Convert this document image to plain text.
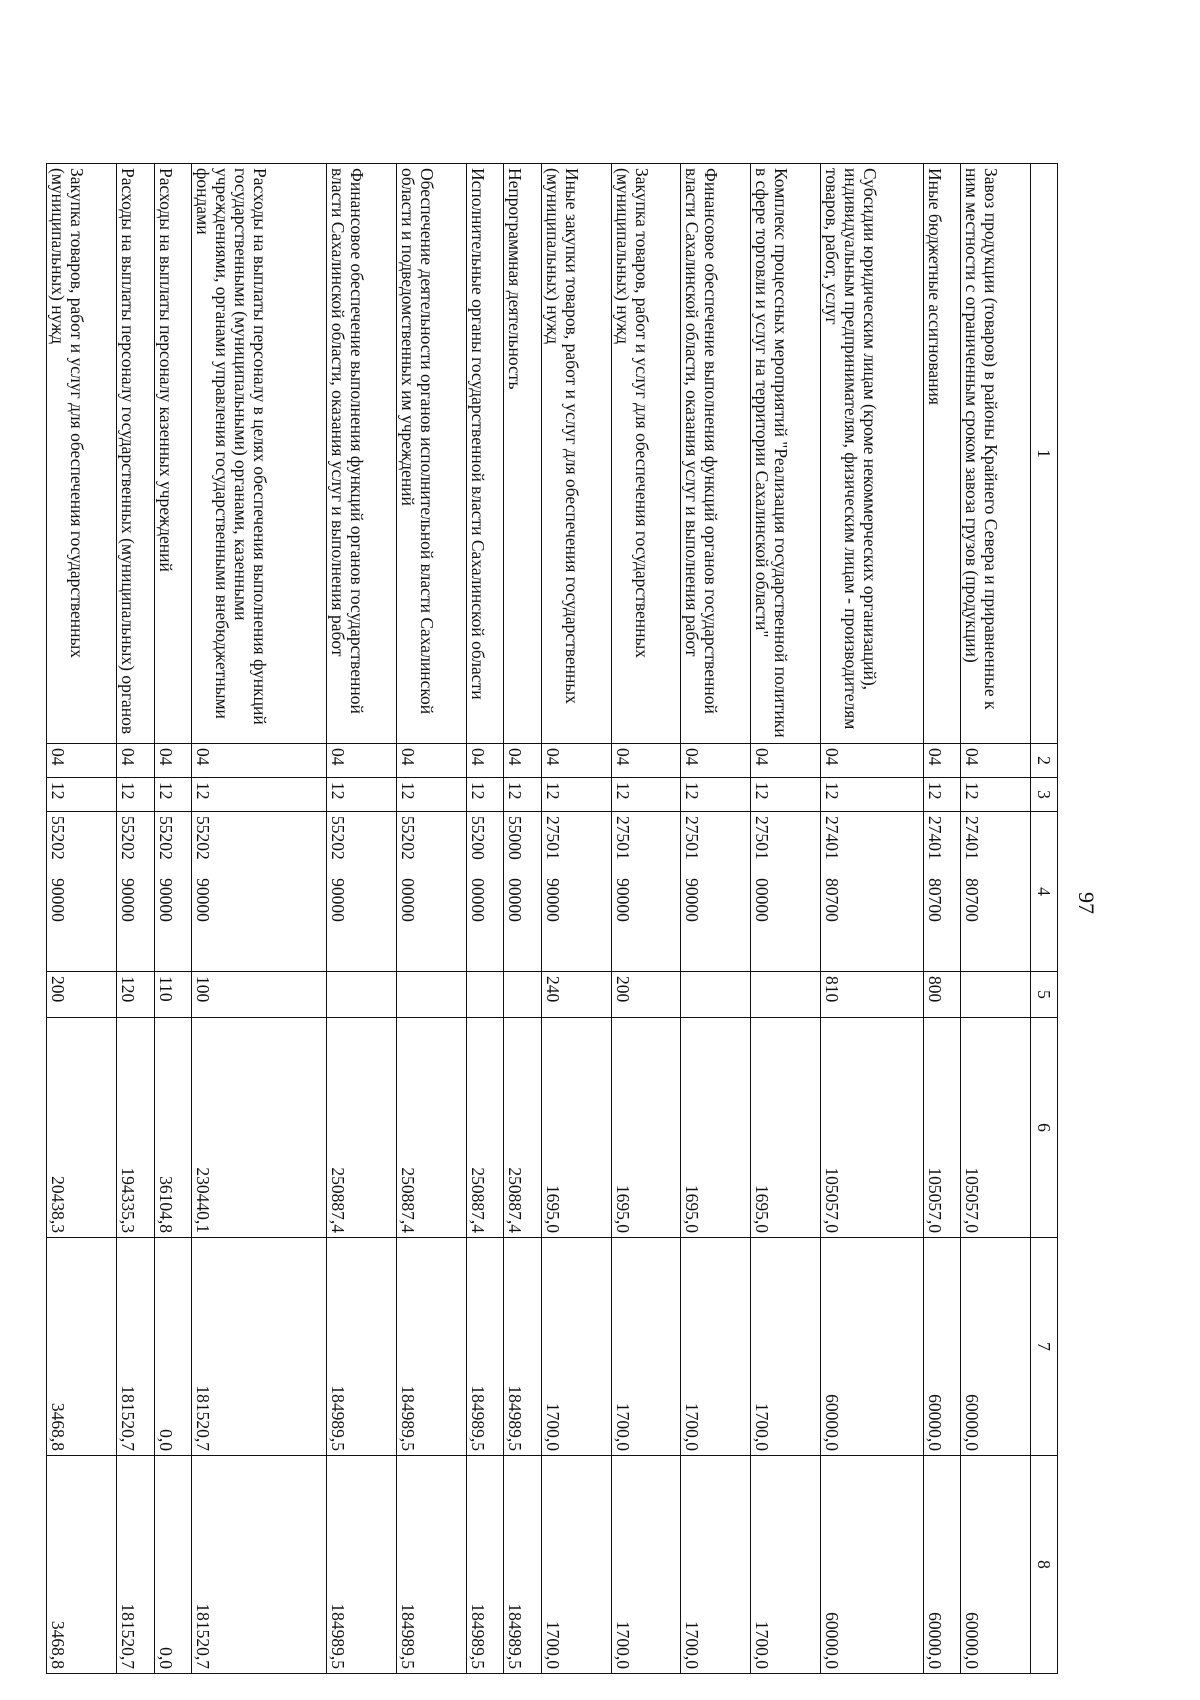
97
1	2	3	4	5	6	7	8
Завоз продукции (товаров) в районы Крайнего Севера и приравненные к ним местности с ограниченным сроком завоза грузов (продукции)	04	12	27401 80700		105057,0	60000,0	60000,0
Иные бюджетные ассигнования	04	12	27401 80700	800	105057,0	60000,0	60000,0
Субсидии юридическим лицам (кроме некоммерческих организаций), индивидуальным предпринимателям, физическим лицам - производителям товаров, работ, услуг	04	12	27401 80700	810	105057,0	60000,0	60000,0
Комплекс процессных мероприятий "Реализация государственной политики в сфере торговли и услуг на территории Сахалинской области"	04	12	27501 00000		1695,0	1700,0	1700,0
Финансовое обеспечение выполнения функций органов государственной власти Сахалинской области, оказания услуг и выполнения работ	04	12	27501 90000		1695,0	1700,0	1700,0
Закупка товаров, работ и услуг для обеспечения государственных (муниципальных) нужд	04	12	27501 90000	200	1695,0	1700,0	1700,0
Иные закупки товаров, работ и услуг для обеспечения государственных (муниципальных) нужд	04	12	27501 90000	240	1695,0	1700,0	1700,0
Непрограммная деятельность	04	12	55000 00000		250887,4	184989,5	184989,5
Исполнительные органы государственной власти Сахалинской области	04	12	55200 00000		250887,4	184989,5	184989,5
Обеспечение деятельности органов исполнительной власти Сахалинской области и подведомственных им учреждений	04	12	55202 00000		250887,4	184989,5	184989,5
Финансовое обеспечение выполнения функций органов государственной власти Сахалинской области, оказания услуг и выполнения работ	04	12	55202 90000		250887,4	184989,5	184989,5
Расходы на выплаты персоналу в целях обеспечения выполнения функций государственными (муниципальными) органами, казенными учреждениями, органами управления государственными внебюджетными фондами	04	12	55202 90000	100	230440,1	181520,7	181520,7
Расходы на выплаты персоналу казенных учреждений	04	12	55202 90000	110	36104,8	0,0	0,0
Расходы на выплаты персоналу государственных (муниципальных) органов	04	12	55202 90000	120	194335,3	181520,7	181520,7
Закупка товаров, работ и услуг для обеспечения государственных (муниципальных) нужд	04	12	55202 90000	200	20438,3	3468,8	3468,8
